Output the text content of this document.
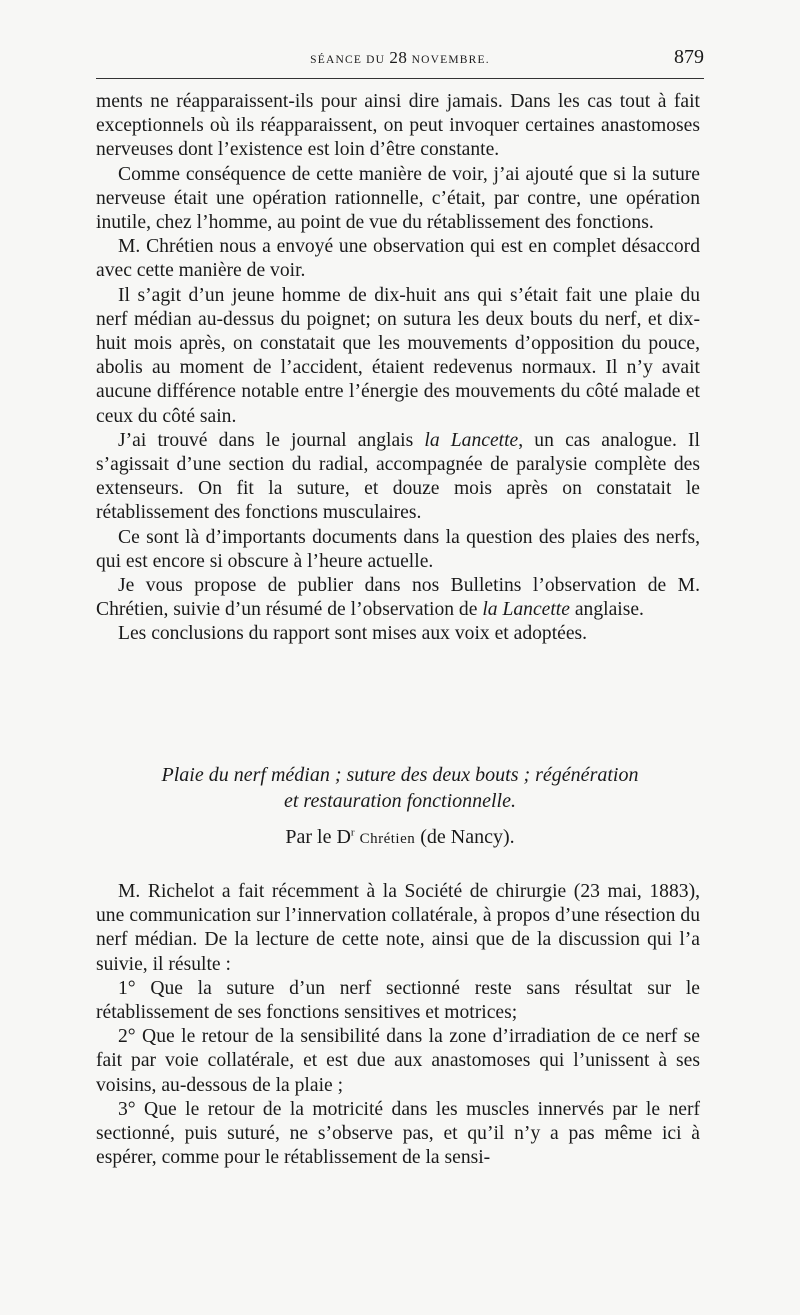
SÉANCE DU 28 NOVEMBRE.	879

ments ne réapparaissent-ils pour ainsi dire jamais. Dans les cas tout à fait exceptionnels où ils réapparaissent, on peut invoquer certaines anastomoses nerveuses dont l’existence est loin d’être constante.

Comme conséquence de cette manière de voir, j’ai ajouté que si la suture nerveuse était une opération rationnelle, c’était, par contre, une opération inutile, chez l’homme, au point de vue du rétablissement des fonctions.

M. Chrétien nous a envoyé une observation qui est en complet désaccord avec cette manière de voir.

Il s’agit d’un jeune homme de dix-huit ans qui s’était fait une plaie du nerf médian au-dessus du poignet; on sutura les deux bouts du nerf, et dix-huit mois après, on constatait que les mouvements d’opposition du pouce, abolis au moment de l’accident, étaient redevenus normaux. Il n’y avait aucune différence notable entre l’énergie des mouvements du côté malade et ceux du côté sain.

J’ai trouvé dans le journal anglais la Lancette, un cas analogue. Il s’agissait d’une section du radial, accompagnée de paralysie complète des extenseurs. On fit la suture, et douze mois après on constatait le rétablissement des fonctions musculaires.

Ce sont là d’importants documents dans la question des plaies des nerfs, qui est encore si obscure à l’heure actuelle.

Je vous propose de publier dans nos Bulletins l’observation de M. Chrétien, suivie d’un résumé de l’observation de la Lancette anglaise.

Les conclusions du rapport sont mises aux voix et adoptées.

Plaie du nerf médian ; suture des deux bouts ; régénération
et restauration fonctionnelle.
Par le $D^r$ Chrétien (de Nancy).

M. Richelot a fait récemment à la Société de chirurgie (23 mai, 1883), une communication sur l’innervation collatérale, à propos d’une résection du nerf médian. De la lecture de cette note, ainsi que de la discussion qui l’a suivie, il résulte :

1° Que la suture d’un nerf sectionné reste sans résultat sur le rétablissement de ses fonctions sensitives et motrices;

2° Que le retour de la sensibilité dans la zone d’irradiation de ce nerf se fait par voie collatérale, et est due aux anastomoses qui l’unissent à ses voisins, au-dessous de la plaie ;

3° Que le retour de la motricité dans les muscles innervés par le nerf sectionné, puis suturé, ne s’observe pas, et qu’il n’y a pas même ici à espérer, comme pour le rétablissement de la sensi-
